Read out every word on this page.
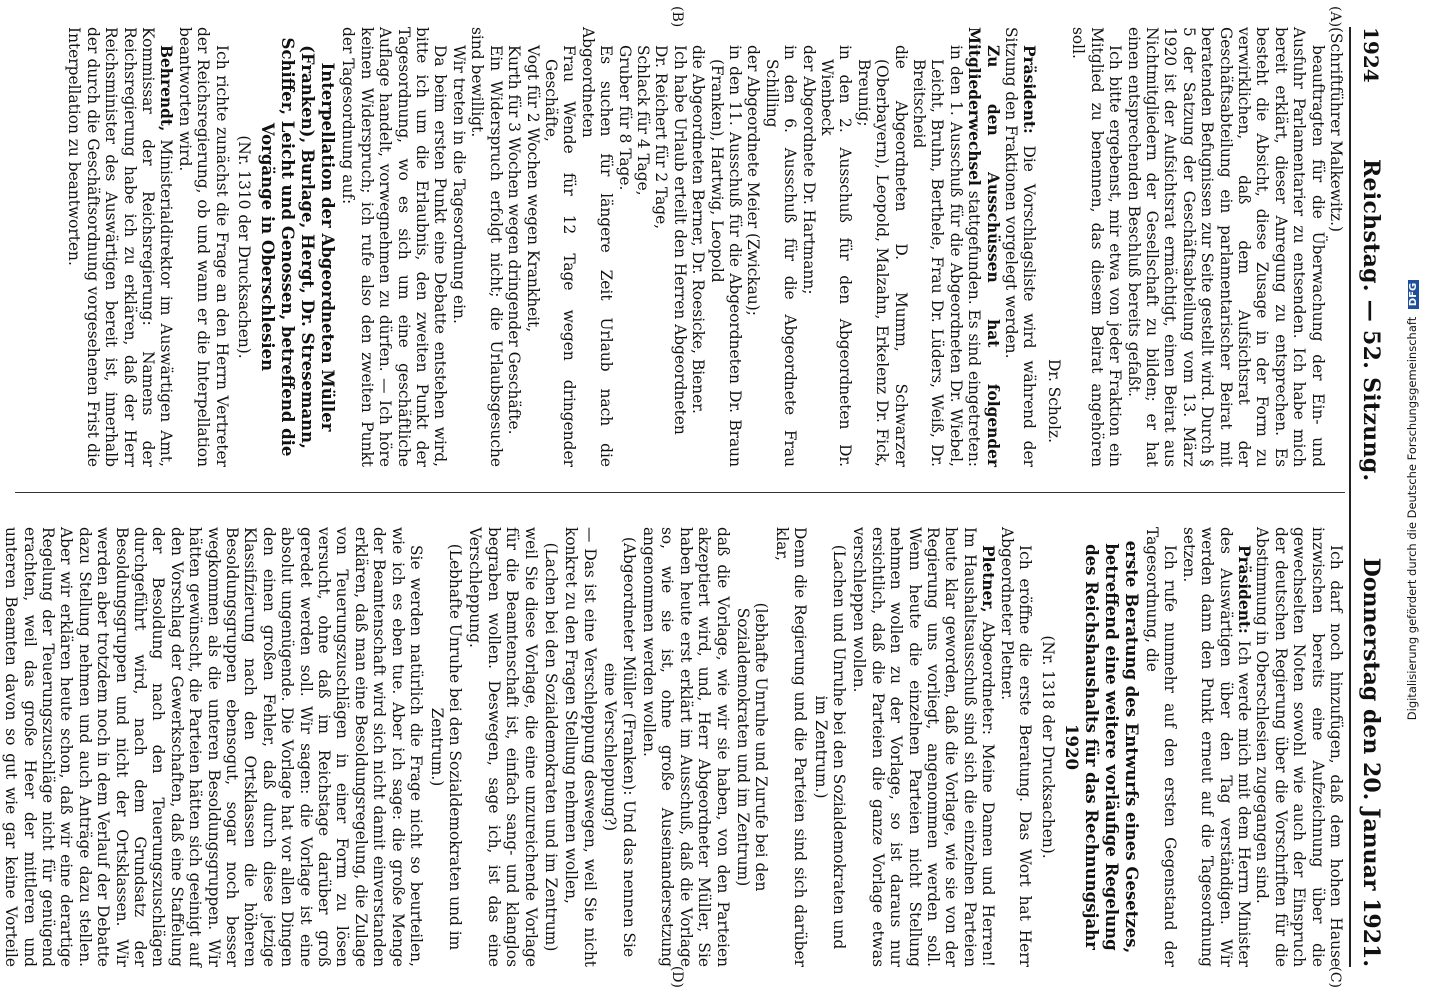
1924
Reichstag. — 52. Sitzung.
Donnerstag den 20. Januar 1921.
(A)
(B)
(C)
(D)

(Schriftführer Malkewitz.)

beauftragten für die Überwachung der Ein- und Ausfuhr Parlamentarier zu entsenden. Ich habe mich bereit erklärt, dieser Anregung zu entsprechen. Es besteht die Absicht, diese Zusage in der Form zu verwirklichen, daß dem Aufsichtsrat der Geschäftsabteilung ein parlamentarischer Beirat mit beratenden Befugnissen zur Seite gestellt wird. Durch § 5 der Satzung der Geschäftsabteilung vom 13. März 1920 ist der Aufsichtsrat ermächtigt, einen Beirat aus Nichtmitgliedern der Gesellschaft zu bilden; er hat einen entsprechenden Beschluß bereits gefaßt.

Ich bitte ergebenst, mir etwa von jeder Fraktion ein Mitglied zu benennen, das diesem Beirat angehören soll.

Dr. Scholz.

Präsident: Die Vorschlagsliste wird während der Sitzung den Fraktionen vorgelegt werden.

Zu den Ausschüssen hat folgender Mitgliederwechsel stattgefunden. Es sind eingetreten:

in den 1. Ausschuß für die Abgeordneten Dr. Wiebel, Leicht, Bruhn, Berthele, Frau Dr. Lüders, Weiß, Dr. Breitscheid

die Abgeordneten D. Mumm, Schwarzer (Oberbayern), Leopold, Malzahn, Erkelenz Dr. Fick, Breunig;

in den 2. Ausschuß für den Abgeordneten Dr. Wienbeck

der Abgeordnete Dr. Hartmann;

in den 6. Ausschuß für die Abgeordnete Frau Schilling

der Abgeordnete Meier (Zwickau);

in den 11. Ausschuß für die Abgeordneten Dr. Braun (Franken), Hartwig, Leopold

die Abgeordneten Berner, Dr. Roesicke, Biener.

Ich habe Urlaub erteilt den Herren Abgeordneten

Dr. Reichert für 2 Tage,

Schlack für 4 Tage,

Gruber für 8 Tage.

Es suchen für längere Zeit Urlaub nach die Abgeordneten

Frau Wende für 12 Tage wegen dringender Geschäfte,

Vogt für 2 Wochen wegen Krankheit,

Kurth für 3 Wochen wegen dringender Geschäfte.

Ein Widerspruch erfolgt nicht; die Urlaubsgesuche sind bewilligt.

Wir treten in die Tagesordnung ein.

Da beim ersten Punkt eine Debatte entstehen wird, bitte ich um die Erlaubnis, den zweiten Punkt der Tagesordnung, wo es sich um eine geschäftliche Auflage handelt, vorwegnehmen zu dürfen. — Ich höre keinen Widerspruch; ich rufe also den zweiten Punkt der Tagesordnung auf:

Interpellation der Abgeordneten Müller (Franken), Burlage, Hergt, Dr. Stresemann, Schiffer, Leicht und Genossen, betreffend die Vorgänge in Oberschlesien

(Nr. 1310 der Drucksachen).

Ich richte zunächst die Frage an den Herrn Vertreter der Reichsregierung, ob und wann er die Interpellation beantworten wird.

Behrendt, Ministerialdirektor im Auswärtigen Amt, Kommissar der Reichsregierung: Namens der Reichsregierung habe ich zu erklären, daß der Herr Reichsminister des Auswärtigen bereit ist, innerhalb der durch die Geschäftsordnung vorgesehenen Frist die Interpellation zu beantworten.

Ich darf noch hinzufügen, daß dem hohen Hause inzwischen bereits eine Aufzeichnung über die gewechselten Noten sowohl wie auch der Einspruch der deutschen Regierung über die Vorschriften für die Abstimmung in Oberschlesien zugegangen sind.

Präsident: Ich werde mich mit dem Herrn Minister des Auswärtigen über den Tag verständigen. Wir werden dann den Punkt erneut auf die Tagesordnung setzen.

Ich rufe nunmehr auf den ersten Gegenstand der Tagesordnung, die

erste Beratung des Entwurfs eines Gesetzes, betreffend eine weitere vorläufige Regelung des Reichshaushalts für das Rechnungsjahr 1920

(Nr. 1318 der Drucksachen).

Ich eröffne die erste Beratung. Das Wort hat Herr Abgeordneter Pletner.

Pletner, Abgeordneter: Meine Damen und Herren! Im Haushaltsausschuß sind sich die einzelnen Parteien heute klar geworden, daß die Vorlage, wie sie von der Regierung uns vorliegt, angenommen werden soll. Wenn heute die einzelnen Parteien nicht Stellung nehmen wollen zu der Vorlage, so ist daraus nur ersichtlich, daß die Parteien die ganze Vorlage etwas verschleppen wollen.

(Lachen und Unruhe bei den Sozialdemokraten und im Zentrum.)

Denn die Regierung und die Parteien sind sich darüber klar,

(lebhafte Unruhe und Zurufe bei den Sozialdemokraten und im Zentrum)

daß die Vorlage, wie wir sie haben, von den Parteien akzeptiert wird, und, Herr Abgeordneter Müller, Sie haben heute erst erklärt im Ausschuß, daß die Vorlage so, wie sie ist, ohne große Auseinandersetzung angenommen werden wollen.

(Abgeordneter Müller (Franken): Und das nennen Sie eine Verschleppung?)

— Das ist eine Verschleppung deswegen, weil Sie nicht konkret zu den Fragen Stellung nehmen wollen,

(Lachen bei den Sozialdemokraten und im Zentrum)

weil Sie diese Vorlage, die eine unzureichende Vorlage für die Beamtenschaft ist, einfach sang- und klanglos begraben wollen. Deswegen, sage ich, ist das eine Verschleppung.

(Lebhafte Unruhe bei den Sozialdemokraten und im Zentrum.)

Sie werden natürlich die Frage nicht so beurteilen, wie ich es eben tue. Aber ich sage: die große Menge der Beamtenschaft wird sich nicht damit einverstanden erklären, daß man eine Besoldungsregelung, die Zulage von Teuerungszuschlägen in einer Form zu lösen versucht, ohne daß im Reichstage darüber groß geredet werden soll. Wir sagen: die Vorlage ist eine absolut ungenügende. Die Vorlage hat vor allen Dingen den einen großen Fehler, daß durch diese jetzige Klassifizierung nach den Ortsklassen die höheren Besoldungsgruppen ebensogut, sogar noch besser wegkommen als die unteren Besoldungsgruppen. Wir hätten gewünscht, die Parteien hätten sich geeinigt auf den Vorschlag der Gewerkschaften, daß eine Staffelung der Besoldung nach den Teuerungszuschlägen durchgeführt wird, nach dem Grundsatz der Besoldungsgruppen und nicht der Ortsklassen. Wir werden aber trotzdem noch in dem Verlauf der Debatte dazu Stellung nehmen und auch Anträge dazu stellen. Aber wir erklären heute schon, daß wir eine derartige Regelung der Teuerungszuschläge nicht für genügend erachten, weil das große Heer der mittleren und unteren Beamten davon so gut wie gar keine Vorteile

Digitalisierung gefördert durch die Deutsche Forschungsgemeinschaft DFG
